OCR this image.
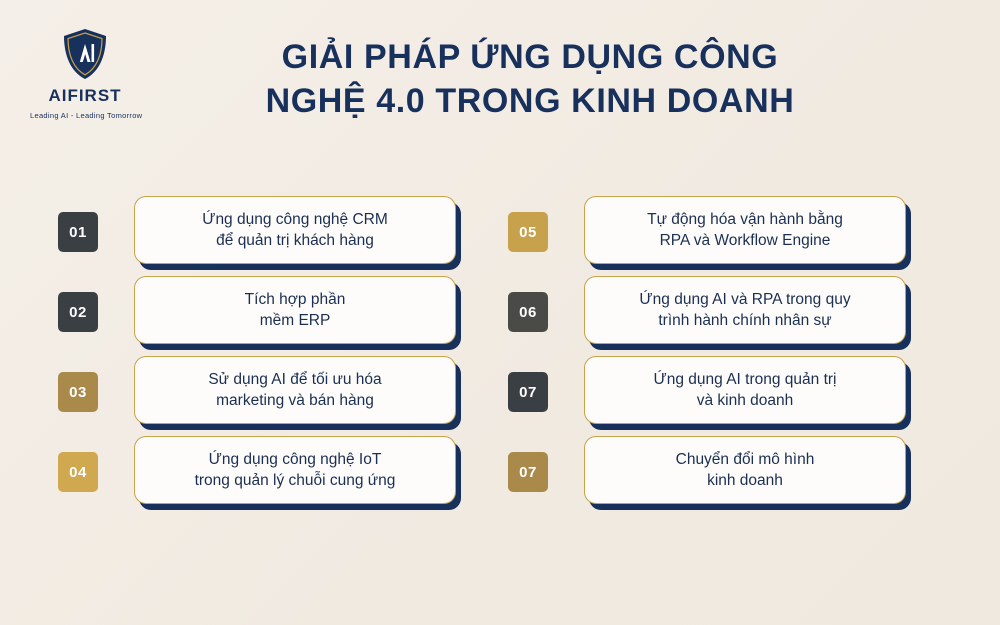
AIFIRST
Leading AI - Leading Tomorrow
GIẢI PHÁP ỨNG DỤNG CÔNG
NGHỆ 4.0 TRONG KINH DOANH
01
Ứng dụng công nghệ CRM
để quản trị khách hàng
02
Tích hợp phần
mềm ERP
03
Sử dụng AI để tối ưu hóa
marketing và bán hàng
04
Ứng dụng công nghệ IoT
trong quản lý chuỗi cung ứng
05
Tự động hóa vận hành bằng
RPA và Workflow Engine
06
Ứng dụng AI và RPA trong quy
trình hành chính nhân sự
07
Ứng dụng AI trong quản trị
và kinh doanh
07
Chuyển đổi mô hình
kinh doanh
